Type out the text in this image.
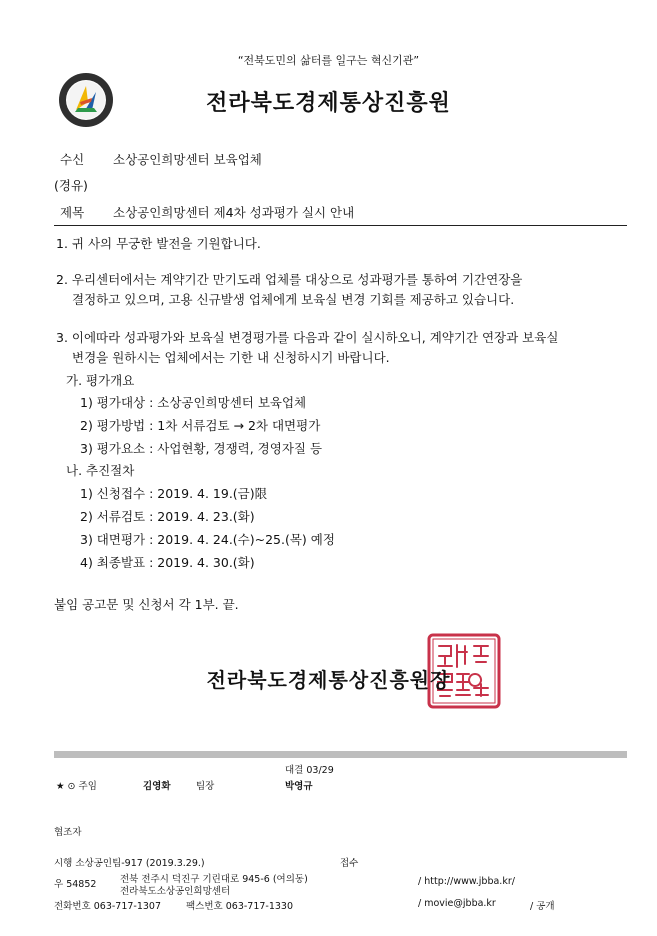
“전북도민의 삶터를 일구는 혁신기관”
전라북도경제통상진흥원
수신 소상공인희망센터 보육업체
(경유)
제목 소상공인희망센터 제4차 성과평가 실시 안내
1. 귀 사의 무궁한 발전을 기원합니다.
2. 우리센터에서는 계약기간 만기도래 업체를 대상으로 성과평가를 통하여 기간연장을
결정하고 있으며, 고용 신규발생 업체에게 보육실 변경 기회를 제공하고 있습니다.
3. 이에따라 성과평가와 보육실 변경평가를 다음과 같이 실시하오니, 계약기간 연장과 보육실
변경을 원하시는 업체에서는 기한 내 신청하시기 바랍니다.
가. 평가개요
1) 평가대상 : 소상공인희망센터 보육업체
2) 평가방법 : 1차 서류검토 → 2차 대면평가
3) 평가요소 : 사업현황, 경쟁력, 경영자질 등
나. 추진절차
1) 신청접수 : 2019. 4. 19.(금)限
2) 서류검토 : 2019. 4. 23.(화)
3) 대면평가 : 2019. 4. 24.(수)~25.(목) 예정
4) 최종발표 : 2019. 4. 30.(화)
붙임 공고문 및 신청서 각 1부. 끝.
전라북도경제통상진흥원장
대결 03/29
★ ⊙ 주임	김영화	팀장	박영규
협조자
시행 소상공인팀-917 (2019.3.29.)	접수
우 54852 전북 전주시 덕진구 기린대로 945-6 (여의동)
전라북도소상공인희망센터
/ http://www.jbba.kr/
전화번호 063-717-1307	팩스번호 063-717-1330	/ movie@jbba.kr	/ 공개
